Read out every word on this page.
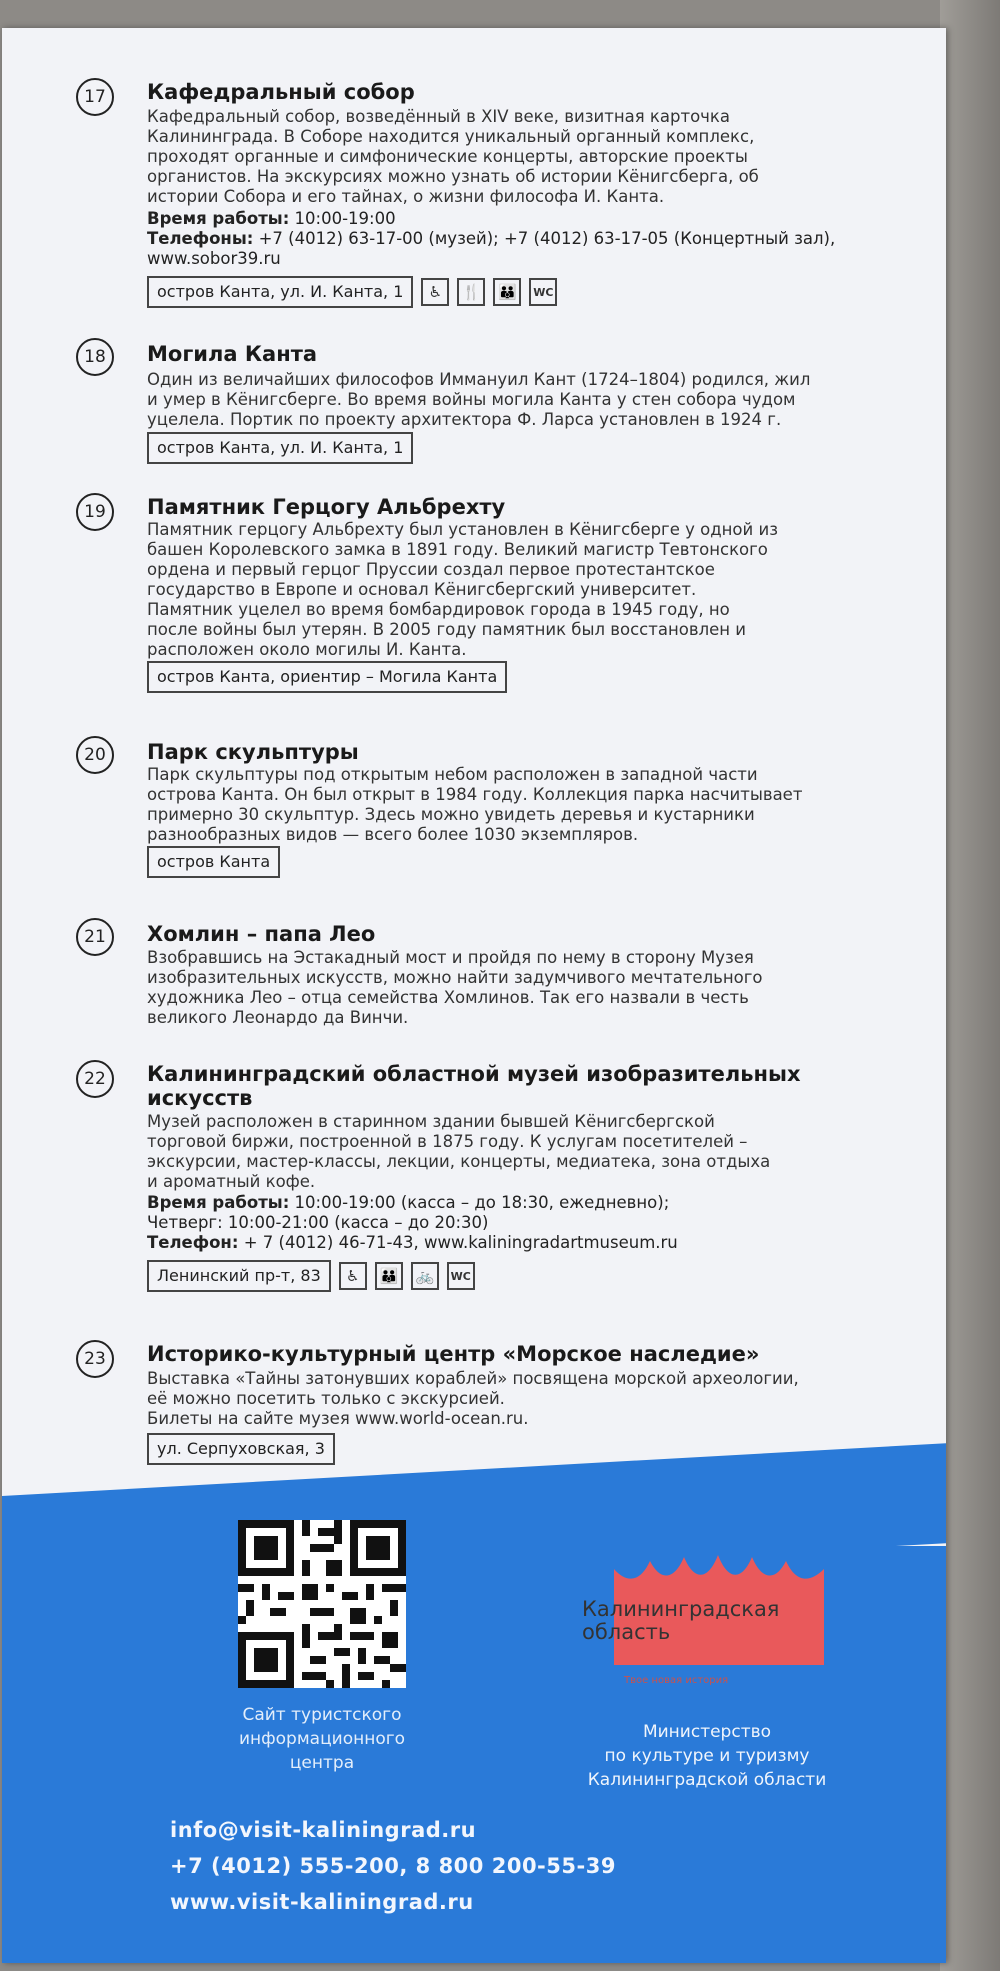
17	Кафедральный собор

Кафедральный собор, возведённый в XIV веке, визитная карточка
Калининграда. В Соборе находится уникальный органный комплекс,
проходят органные и симфонические концерты, авторские проекты
органистов. На экскурсиях можно узнать об истории Кёнигсберга, об
истории Собора и его тайнах, о жизни философа И. Канта.

Время работы: 10:00-19:00
Телефоны: +7 (4012) 63-17-00 (музей); +7 (4012) 63-17-05 (Концертный зал),
www.sobor39.ru
остров Канта, ул. И. Канта, 1	♿	🍴	👪	WC
18	Могила Канта

Один из величайших философов Иммануил Кант (1724–1804) родился, жил
и умер в Кёнигсберге. Во время войны могила Канта у стен собора чудом
уцелела. Портик по проекту архитектора Ф. Ларса установлен в 1924 г.

остров Канта, ул. И. Канта, 1
19	Памятник Герцогу Альбрехту

Памятник герцогу Альбрехту был установлен в Кёнигсберге у одной из
башен Королевского замка в 1891 году. Великий магистр Тевтонского
ордена и первый герцог Пруссии создал первое протестантское
государство в Европе и основал Кёнигсбергский университет.
Памятник уцелел во время бомбардировок города в 1945 году, но
после войны был утерян. В 2005 году памятник был восстановлен и
расположен около могилы И. Канта.

остров Канта, ориентир – Могила Канта
20	Парк скульптуры

Парк скульптуры под открытым небом расположен в западной части
острова Канта. Он был открыт в 1984 году. Коллекция парка насчитывает
примерно 30 скульптур. Здесь можно увидеть деревья и кустарники
разнообразных видов — всего более 1030 экземпляров.

остров Канта
21	Хомлин – папа Лео

Взобравшись на Эстакадный мост и пройдя по нему в сторону Музея
изобразительных искусств, можно найти задумчивого мечтательного
художника Лео – отца семейства Хомлинов. Так его назвали в честь
великого Леонардо да Винчи.

22	Калининградский областной музей изобразительных
искусств

Музей расположен в старинном здании бывшей Кёнигсбергской
торговой биржи, построенной в 1875 году. К услугам посетителей –
экскурсии, мастер-классы, лекции, концерты, медиатека, зона отдыха
и ароматный кофе.

Время работы: 10:00-19:00 (касса – до 18:30, ежедневно);
Четверг: 10:00-21:00 (касса – до 20:30)
Телефон: + 7 (4012) 46-71-43, www.kaliningradartmuseum.ru
Ленинский пр-т, 83	♿	👪	🚲	WC
23	Историко-культурный центр «Морское наследие»

Выставка «Тайны затонувших кораблей» посвящена морской археологии,
её можно посетить только с экскурсией.
Билеты на сайте музея www.world-ocean.ru.

ул. Серпуховская, 3
Сайт туристского
информационного
центра
Калининградская
область
Твое новая история
Министерство
по культуре и туризму
Калининградской области
info@visit-kaliningrad.ru
+7 (4012) 555-200, 8 800 200-55-39
www.visit-kaliningrad.ru
